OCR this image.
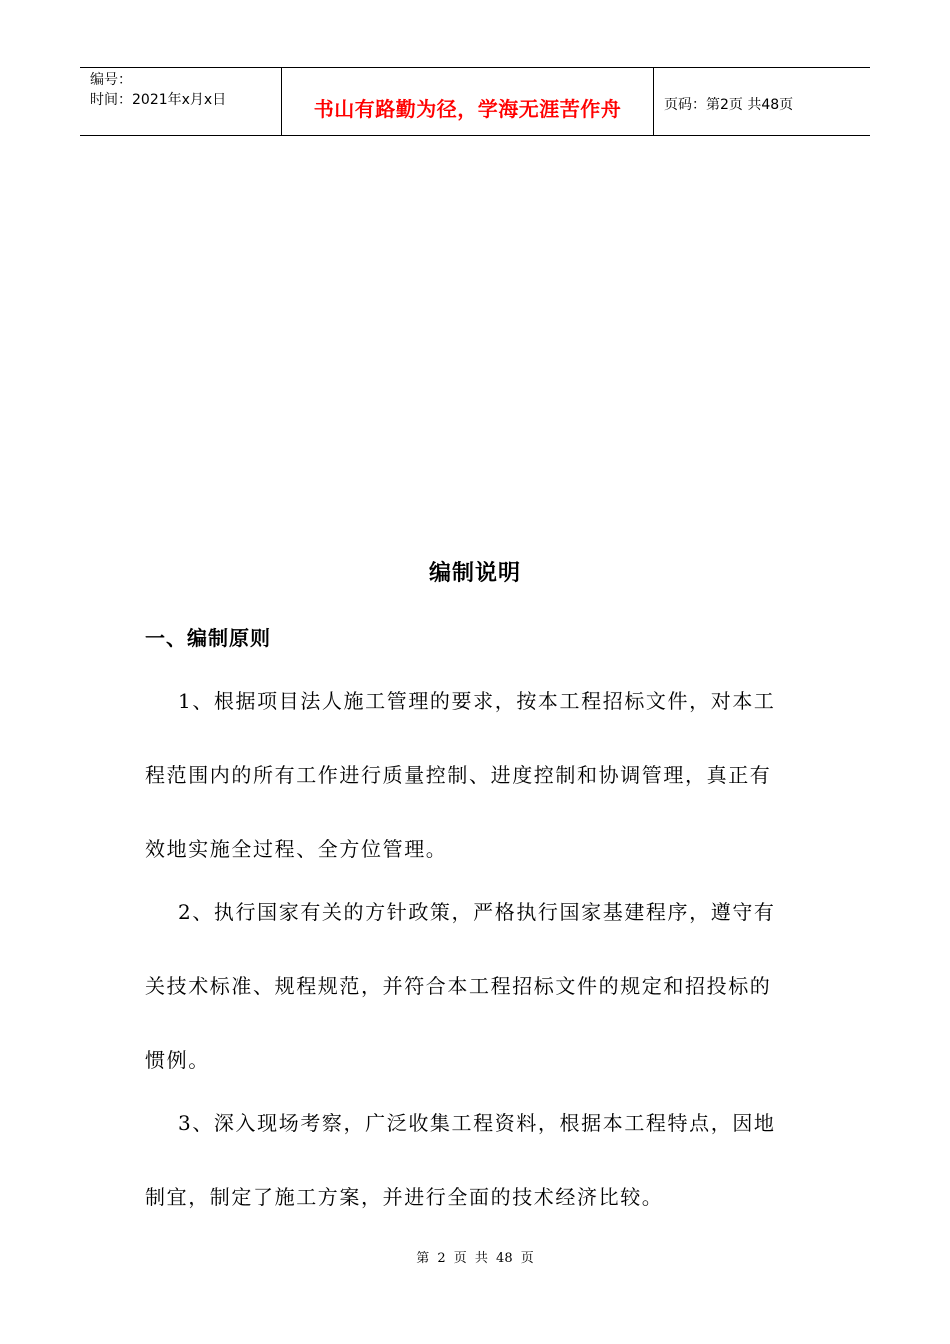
编号：
时间：2021年x月x日	书山有路勤为径，学海无涯苦作舟	页码：第2页 共48页
编制说明
一、编制原则
1、根据项目法人施工管理的要求，按本工程招标文件，对本工
程范围内的所有工作进行质量控制、进度控制和协调管理，真正有
效地实施全过程、全方位管理。
2、执行国家有关的方针政策，严格执行国家基建程序，遵守有
关技术标准、规程规范，并符合本工程招标文件的规定和招投标的
惯例。
3、深入现场考察，广泛收集工程资料，根据本工程特点，因地
制宜，制定了施工方案，并进行全面的技术经济比较。
第 2 页 共 48 页
